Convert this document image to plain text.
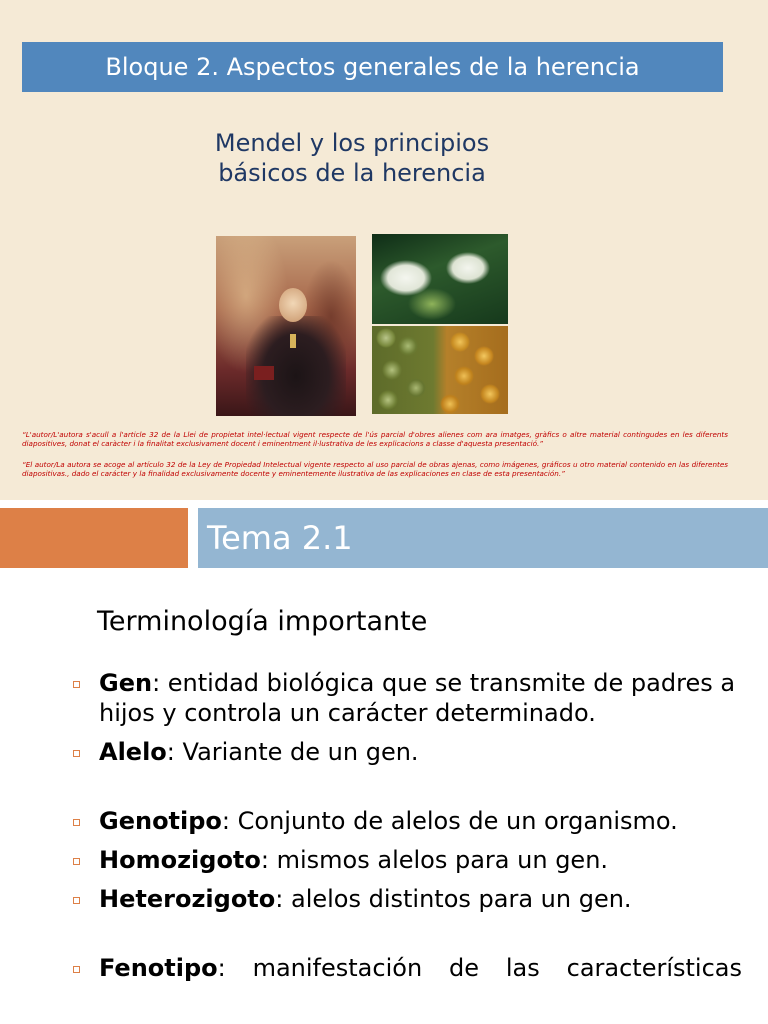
Bloque 2. Aspectos generales de la herencia
Mendel y los principios
básicos de la herencia
“L'autor/L'autora s'acull a l'article 32 de la Llei de propietat intel·lectual vigent respecte de l'ús parcial d'obres alienes com ara imatges, gràfics o altre material contingudes en les diferents diapositives, donat el caràcter i la finalitat exclusivament docent i eminentment il·lustrativa de les explicacions a classe d'aquesta presentació.”
“El autor/La autora se acoge al artículo 32 de la Ley de Propiedad Intelectual vigente respecto al uso parcial de obras ajenas, como imágenes, gráficos u otro material contenido en las diferentes diapositivas., dado el carácter y la finalidad exclusivamente docente y eminentemente ilustrativa de las explicaciones en clase de esta presentación.”
Tema 2.1
Terminología importante
Gen: entidad biológica que se transmite de padres a hijos y controla un carácter determinado.
Alelo: Variante de un gen.
Genotipo: Conjunto de alelos de un organismo.
Homozigoto: mismos alelos para un gen.
Heterozigoto: alelos distintos para un gen.
Fenotipo: manifestación de las características
